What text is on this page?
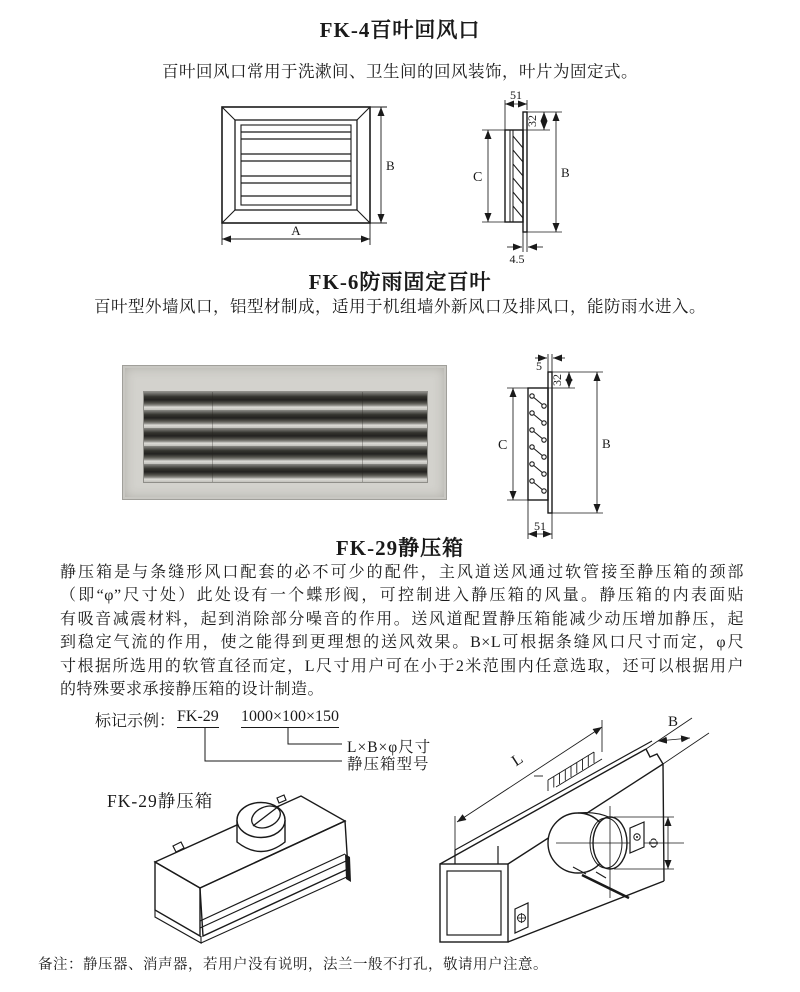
FK-4百叶回风口
百叶回风口常用于洗漱间、卫生间的回风装饰，叶片为固定式。
B
A
51
32
C	B
4.5
FK-6防雨固定百叶
百叶型外墙风口，铝型材制成，适用于机组墙外新风口及排风口，能防雨水进入。
5
32
C	B
51
FK-29静压箱
静压箱是与条缝形风口配套的必不可少的配件，主风道送风通过软管接至静压箱的颈部
（即“φ”尺寸处）此处设有一个蝶形阀，可控制进入静压箱的风量。静压箱的内表面贴
有吸音减震材料，起到消除部分噪音的作用。送风道配置静压箱能减少动压增加静压，起
到稳定气流的作用，使之能得到更理想的送风效果。B×L可根据条缝风口尺寸而定，φ尺
寸根据所选用的软管直径而定，L尺寸用户可在小于2米范围内任意选取，还可以根据用户
的特殊要求承接静压箱的设计制造。
标记示例： FK-29 1000×100×150
L×B×φ尺寸
静压箱型号
FK-29静压箱
L
B
Φ
备注：静压器、消声器，若用户没有说明，法兰一般不打孔，敬请用户注意。
